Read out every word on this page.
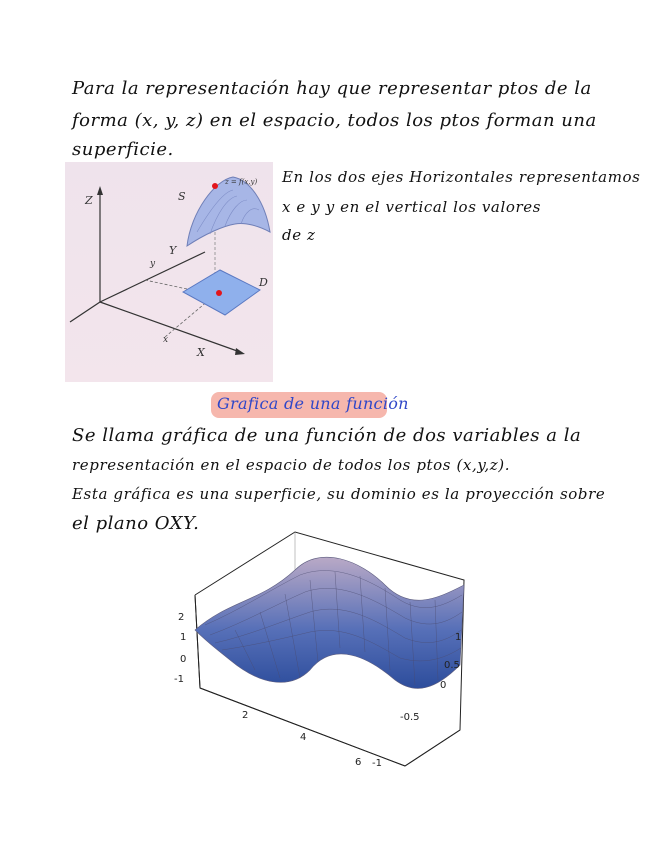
Para la representación hay que representar ptos de la
forma (x, y, z) en el espacio, todos los ptos forman una
superficie.
Z
Y
X
S
z = f(x,y)
D
y
x
En los dos ejes Horizontales representamos
x e y y en el vertical los valores
de z
Grafica de una función
Se llama gráfica de una función de dos variables a la
representación en el espacio de todos los ptos (x,y,z).
Esta gráfica es una superficie, su dominio es la proyección sobre
el plano OXY.
2
1
0
-1
2
4
6
1
0.5
0
-0.5
-1
